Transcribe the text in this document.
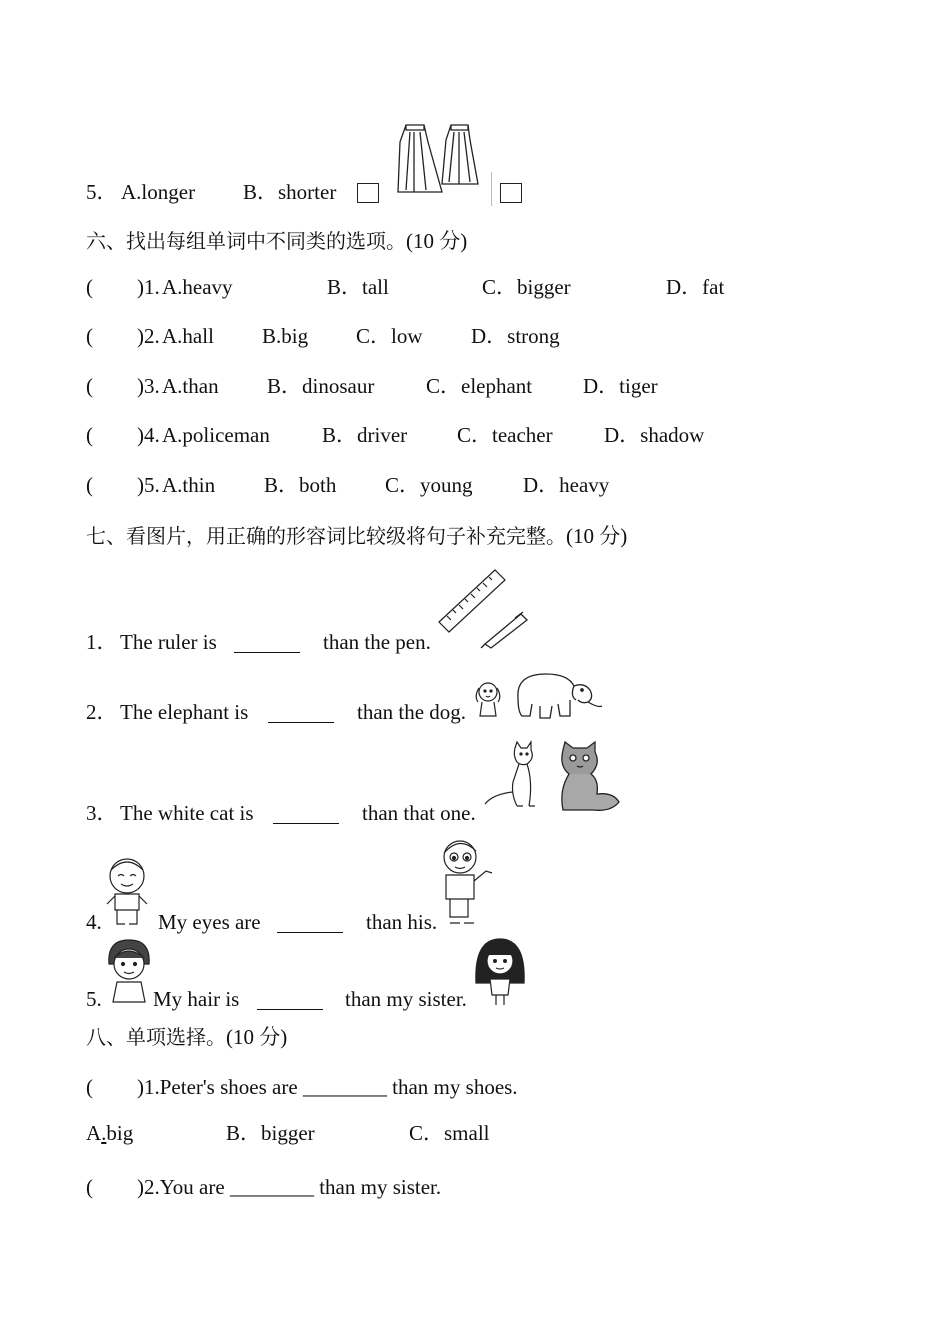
5． A.longer B．shorter
六、找出每组单词中不同类的选项。(10 分)
( )1. A.heavy	B．tall	C．bigger	D．fat
( )2. A.hall B.big C．low D．strong
( )3. A.than B．dinosaur C．elephant D．tiger
( )4. A.policeman B．driver C．teacher D．shadow
( )5. A.thin B．both C．young D．heavy
七、看图片，用正确的形容词比较级将句子补充完整。(10 分)
1． The ruler is	than the pen.
2． The elephant is	than the dog.
3． The white cat is	than that one.
4.	My eyes are	than his.
5. My hair is	than my sister.
八、单项选择。(10 分)
( )1.Peter's shoes are ________ than my shoes.
A.big	B．bigger	C．small
( )2.You are ________ than my sister.
